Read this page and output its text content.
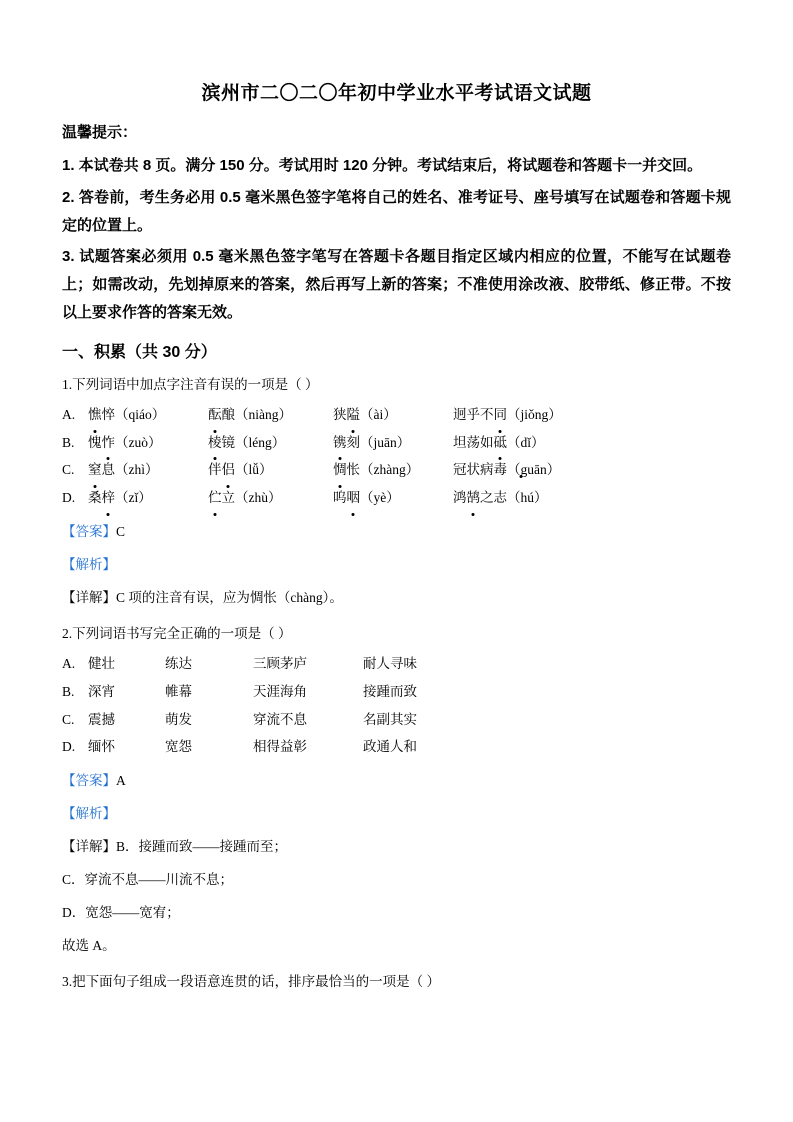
滨州市二〇二〇年初中学业水平考试语文试题
温馨提示：
1. 本试卷共 8 页。满分 150 分。考试用时 120 分钟。考试结束后，将试题卷和答题卡一并交回。
2. 答卷前，考生务必用 0.5 毫米黑色签字笔将自己的姓名、准考证号、座号填写在试题卷和答题卡规定的位置上。
3. 试题答案必须用 0.5 毫米黑色签字笔写在答题卡各题目指定区域内相应的位置，不能写在试题卷上；如需改动，先划掉原来的答案，然后再写上新的答案；不准使用涂改液、胶带纸、修正带。不按以上要求作答的答案无效。
一、积累（共 30 分）
1.下列词语中加点字注音有误的一项是（ ）
A. 憔悴（qiáo）	酝酿（niàng）	狭隘（ài）	迥乎不同（jiǒng）
B.	愧怍（zuò）	棱镜（léng）	镌刻（juān）	坦荡如砥（dǐ）
C.	窒息（zhì）	伴侣（lǚ）	惆怅（zhàng）	冠状病毒（guān）
D. 桑梓（zǐ）	伫立（zhù）	呜咽（yè）	鸿鹄之志（hú）
【答案】C
【解析】
【详解】C 项的注音有误，应为惆怅（chàng）。
2.下列词语书写完全正确的一项是（ ）
A. 健壮	练达	三顾茅庐	耐人寻味
B.	深宵	帷幕	天涯海角	接踵而致
C.	震撼	萌发	穿流不息	名副其实
D. 缅怀	宽怨	相得益彰	政通人和
【答案】A
【解析】
【详解】B．接踵而致——接踵而至；
C．穿流不息——川流不息；
D．宽怨——宽宥；
故选 A。
3.把下面句子组成一段语意连贯的话，排序最恰当的一项是（ ）
